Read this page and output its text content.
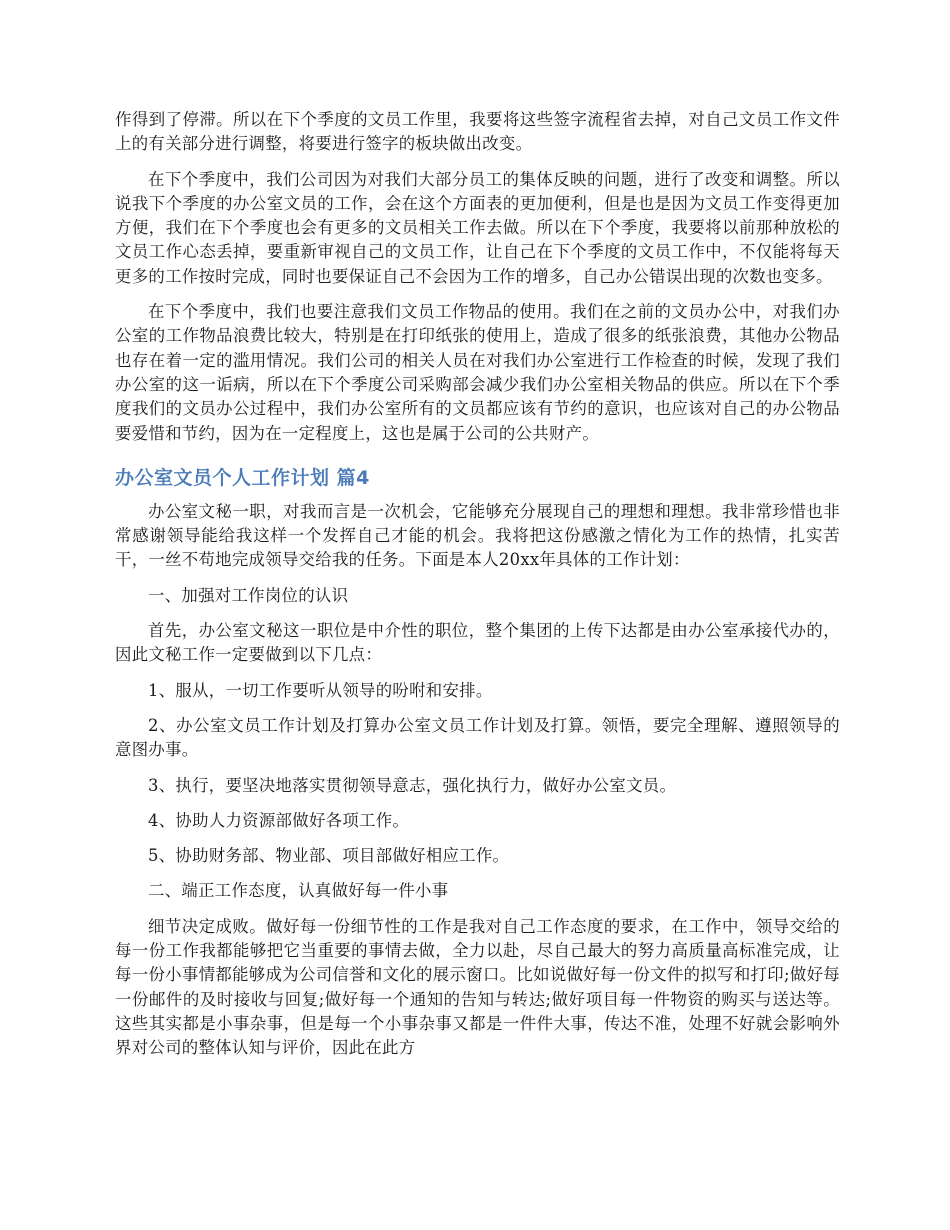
作得到了停滞。所以在下个季度的文员工作里，我要将这些签字流程省去掉，对自己文员工作文件上的有关部分进行调整，将要进行签字的板块做出改变。

在下个季度中，我们公司因为对我们大部分员工的集体反映的问题，进行了改变和调整。所以说我下个季度的办公室文员的工作，会在这个方面表的更加便利，但是也是因为文员工作变得更加方便，我们在下个季度也会有更多的文员相关工作去做。所以在下个季度，我要将以前那种放松的文员工作心态丢掉，要重新审视自己的文员工作，让自己在下个季度的文员工作中，不仅能将每天更多的工作按时完成，同时也要保证自己不会因为工作的增多，自己办公错误出现的次数也变多。

在下个季度中，我们也要注意我们文员工作物品的使用。我们在之前的文员办公中，对我们办公室的工作物品浪费比较大，特别是在打印纸张的使用上，造成了很多的纸张浪费，其他办公物品也存在着一定的滥用情况。我们公司的相关人员在对我们办公室进行工作检查的时候，发现了我们办公室的这一诟病，所以在下个季度公司采购部会减少我们办公室相关物品的供应。所以在下个季度我们的文员办公过程中，我们办公室所有的文员都应该有节约的意识，也应该对自己的办公物品要爱惜和节约，因为在一定程度上，这也是属于公司的公共财产。

办公室文员个人工作计划 篇4

办公室文秘一职，对我而言是一次机会，它能够充分展现自己的理想和理想。我非常珍惜也非常感谢领导能给我这样一个发挥自己才能的机会。我将把这份感激之情化为工作的热情，扎实苦干，一丝不苟地完成领导交给我的任务。下面是本人20xx年具体的工作计划：

一、加强对工作岗位的认识

首先，办公室文秘这一职位是中介性的职位，整个集团的上传下达都是由办公室承接代办的，因此文秘工作一定要做到以下几点：

1、服从，一切工作要听从领导的吩咐和安排。

2、办公室文员工作计划及打算办公室文员工作计划及打算。领悟，要完全理解、遵照领导的意图办事。

3、执行，要坚决地落实贯彻领导意志，强化执行力，做好办公室文员。

4、协助人力资源部做好各项工作。

5、协助财务部、物业部、项目部做好相应工作。

二、端正工作态度，认真做好每一件小事

细节决定成败。做好每一份细节性的工作是我对自己工作态度的要求，在工作中，领导交给的每一份工作我都能够把它当重要的事情去做，全力以赴，尽自己最大的努力高质量高标准完成，让每一份小事情都能够成为公司信誉和文化的展示窗口。比如说做好每一份文件的拟写和打印;做好每一份邮件的及时接收与回复;做好每一个通知的告知与转达;做好项目每一件物资的购买与送达等。这些其实都是小事杂事，但是每一个小事杂事又都是一件件大事，传达不准，处理不好就会影响外界对公司的整体认知与评价，因此在此方
